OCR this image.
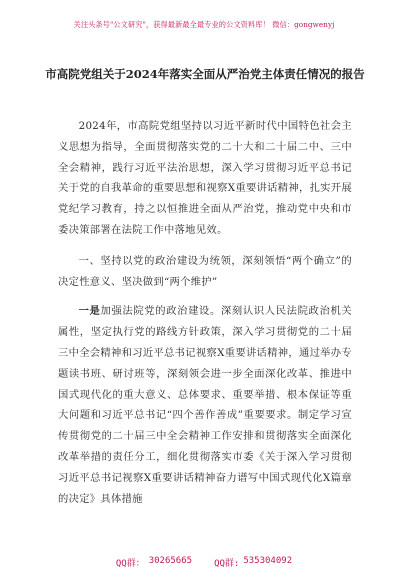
关注头条号"公文研究"，获得最新最全最专业的公文资料库！ 微信：gongwenyj
市高院党组关于2024年落实全面从严治党主体责任情况的报告

2024年，市高院党组坚持以习近平新时代中国特色社会主义思想为指导，全面贯彻落实党的二十大和二十届二中、三中全会精神，践行习近平法治思想，深入学习贯彻习近平总书记关于党的自我革命的重要思想和视察X重要讲话精神，扎实开展党纪学习教育，持之以恒推进全面从严治党，推动党中央和市委决策部署在法院工作中落地见效。

一、坚持以党的政治建设为统领，深刻领悟“两个确立”的决定性意义、坚决做到“两个维护”

一是加强法院党的政治建设。深刻认识人民法院政治机关属性，坚定执行党的路线方针政策，深入学习贯彻党的二十届三中全会精神和习近平总书记视察X重要讲话精神，通过举办专题读书班、研讨班等，深刻领会进一步全面深化改革、推进中国式现代化的重大意义、总体要求、重要举措、根本保证等重大问题和习近平总书记“四个善作善成”重要要求。制定学习宣传贯彻党的二十届三中全会精神工作安排和贯彻落实全面深化改革举措的责任分工，细化贯彻落实市委《关于深入学习贯彻习近平总书记视察X重要讲话精神奋力谱写中国式现代化X篇章的决定》具体措施

QQ群： 30265665 QQ群: 535304092
